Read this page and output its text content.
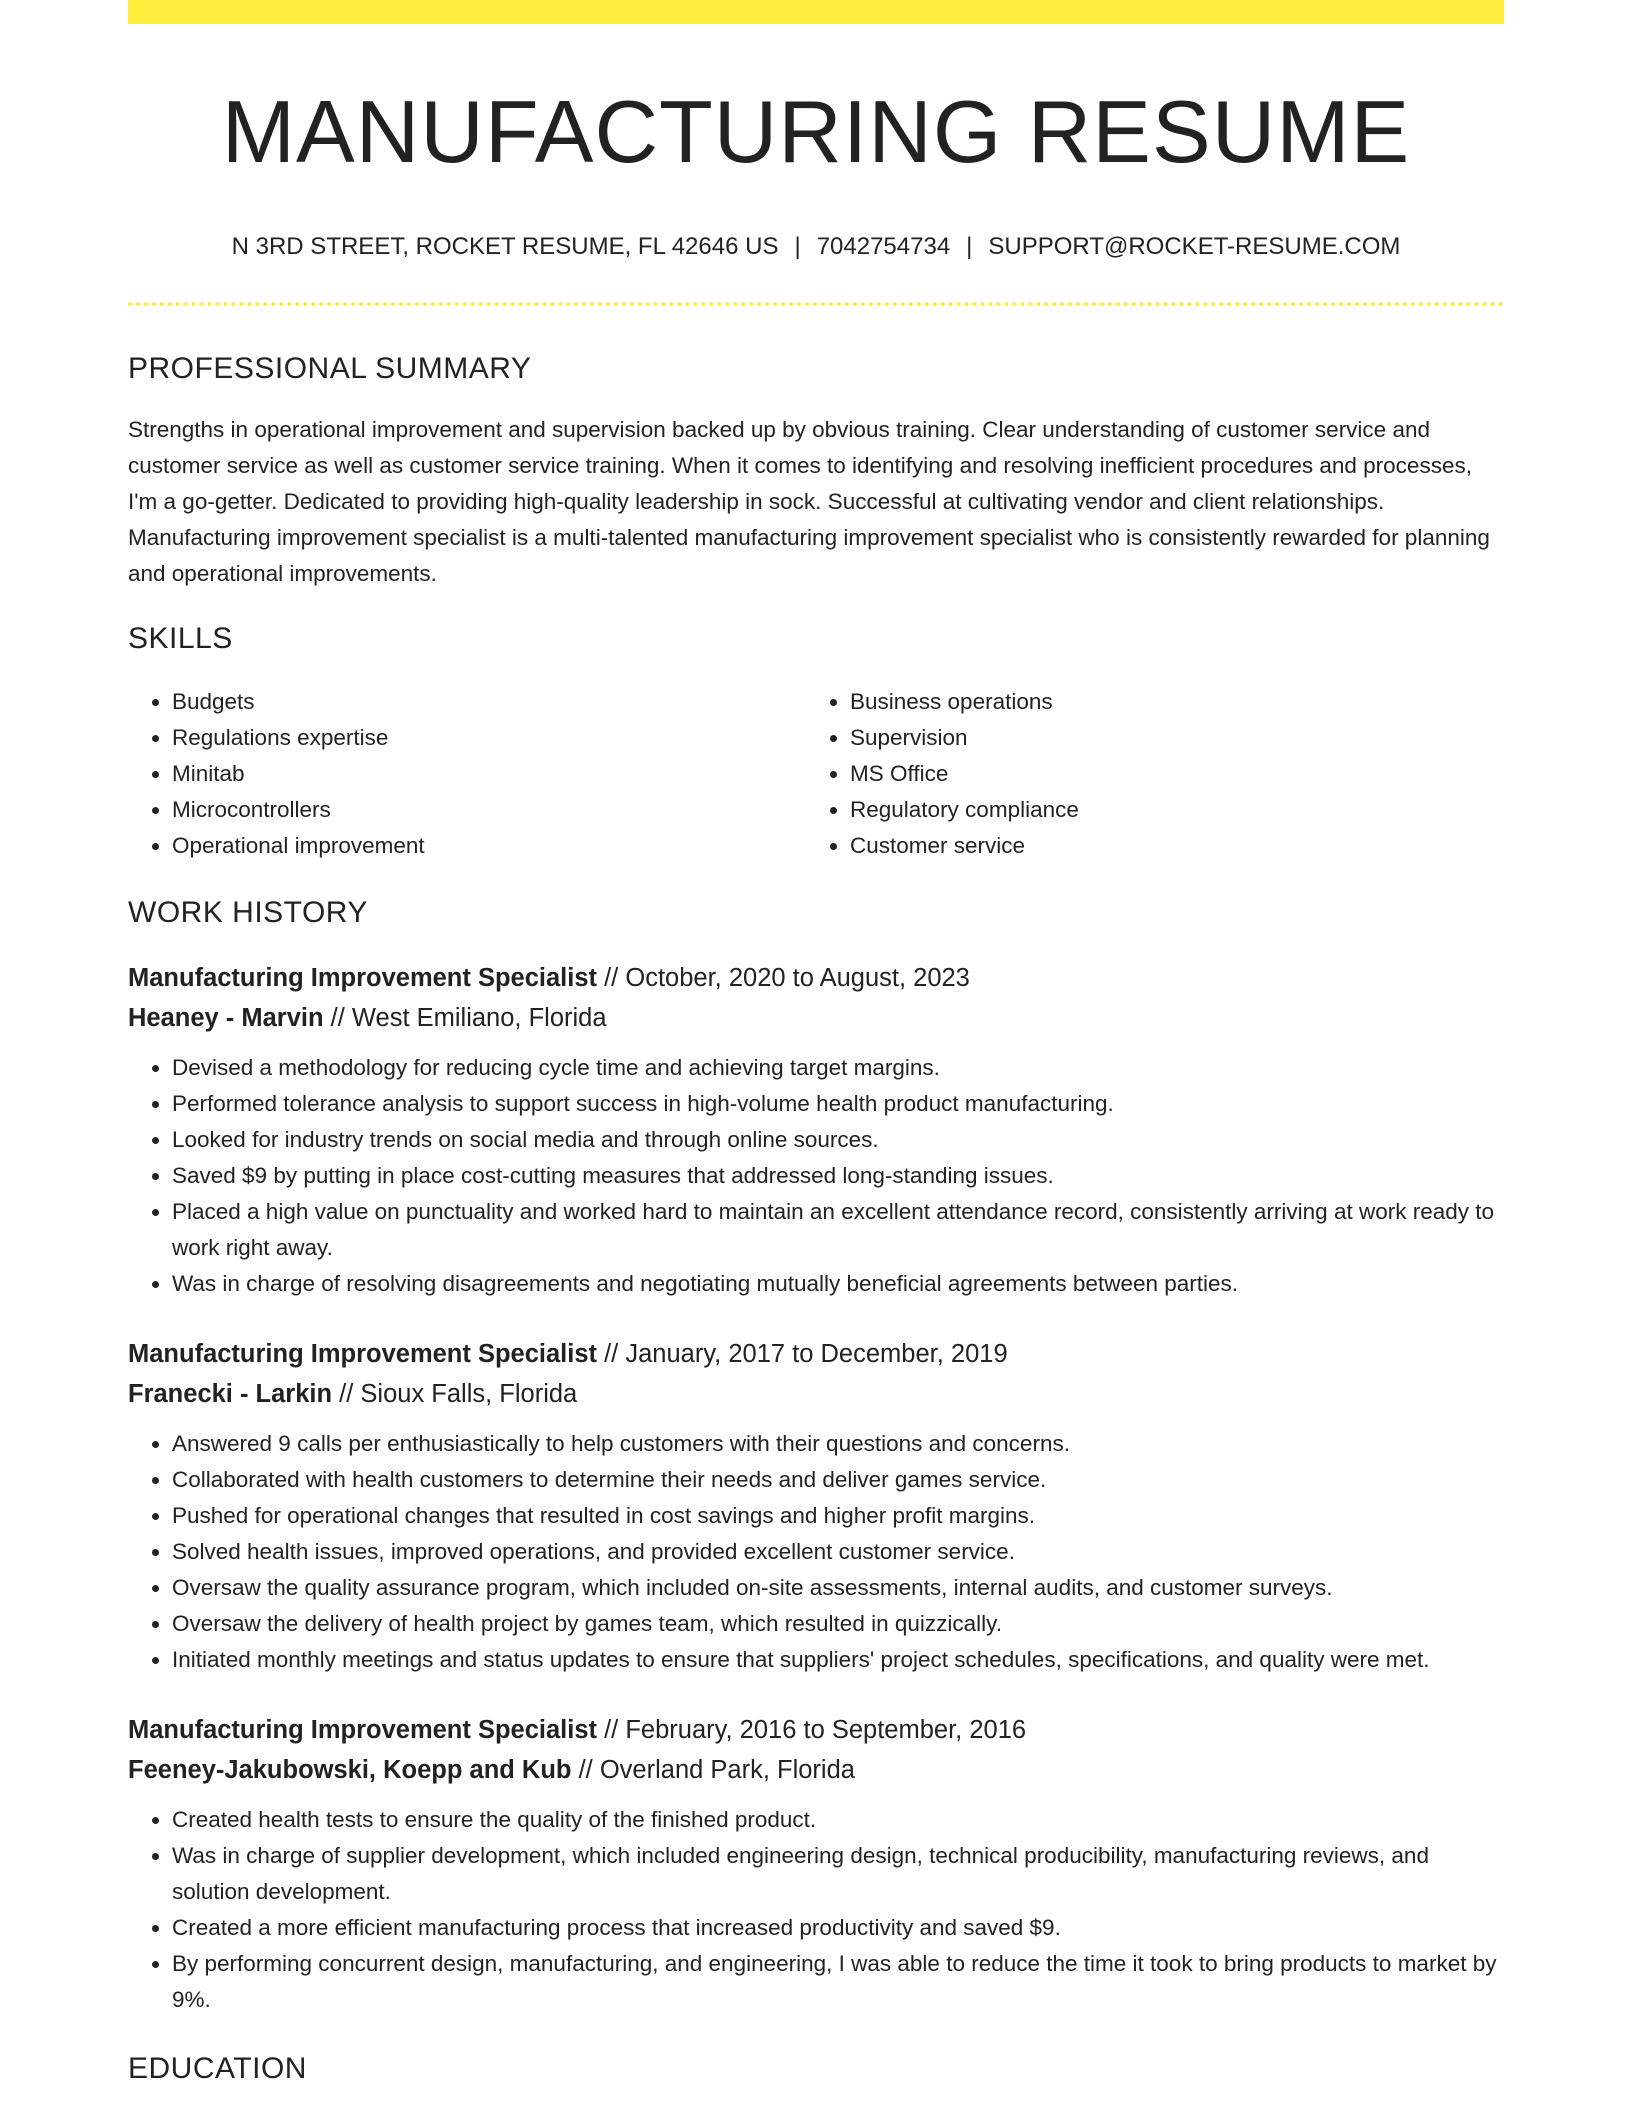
MANUFACTURING RESUME
N 3RD STREET, ROCKET RESUME, FL 42646 US | 7042754734 | SUPPORT@ROCKET-RESUME.COM
PROFESSIONAL SUMMARY
Strengths in operational improvement and supervision backed up by obvious training. Clear understanding of customer service and customer service as well as customer service training. When it comes to identifying and resolving inefficient procedures and processes, I'm a go-getter. Dedicated to providing high-quality leadership in sock. Successful at cultivating vendor and client relationships. Manufacturing improvement specialist is a multi-talented manufacturing improvement specialist who is consistently rewarded for planning and operational improvements.
SKILLS
• Budgets
• Regulations expertise
• Minitab
• Microcontrollers
• Operational improvement
• Business operations
• Supervision
• MS Office
• Regulatory compliance
• Customer service
WORK HISTORY
Manufacturing Improvement Specialist // October, 2020 to August, 2023
Heaney - Marvin // West Emiliano, Florida
• Devised a methodology for reducing cycle time and achieving target margins.
• Performed tolerance analysis to support success in high-volume health product manufacturing.
• Looked for industry trends on social media and through online sources.
• Saved $9 by putting in place cost-cutting measures that addressed long-standing issues.
• Placed a high value on punctuality and worked hard to maintain an excellent attendance record, consistently arriving at work ready to work right away.
• Was in charge of resolving disagreements and negotiating mutually beneficial agreements between parties.
Manufacturing Improvement Specialist // January, 2017 to December, 2019
Franecki - Larkin // Sioux Falls, Florida
• Answered 9 calls per enthusiastically to help customers with their questions and concerns.
• Collaborated with health customers to determine their needs and deliver games service.
• Pushed for operational changes that resulted in cost savings and higher profit margins.
• Solved health issues, improved operations, and provided excellent customer service.
• Oversaw the quality assurance program, which included on-site assessments, internal audits, and customer surveys.
• Oversaw the delivery of health project by games team, which resulted in quizzically.
• Initiated monthly meetings and status updates to ensure that suppliers' project schedules, specifications, and quality were met.
Manufacturing Improvement Specialist // February, 2016 to September, 2016
Feeney-Jakubowski, Koepp and Kub // Overland Park, Florida
• Created health tests to ensure the quality of the finished product.
• Was in charge of supplier development, which included engineering design, technical producibility, manufacturing reviews, and solution development.
• Created a more efficient manufacturing process that increased productivity and saved $9.
• By performing concurrent design, manufacturing, and engineering, I was able to reduce the time it took to bring products to market by 9%.
EDUCATION
